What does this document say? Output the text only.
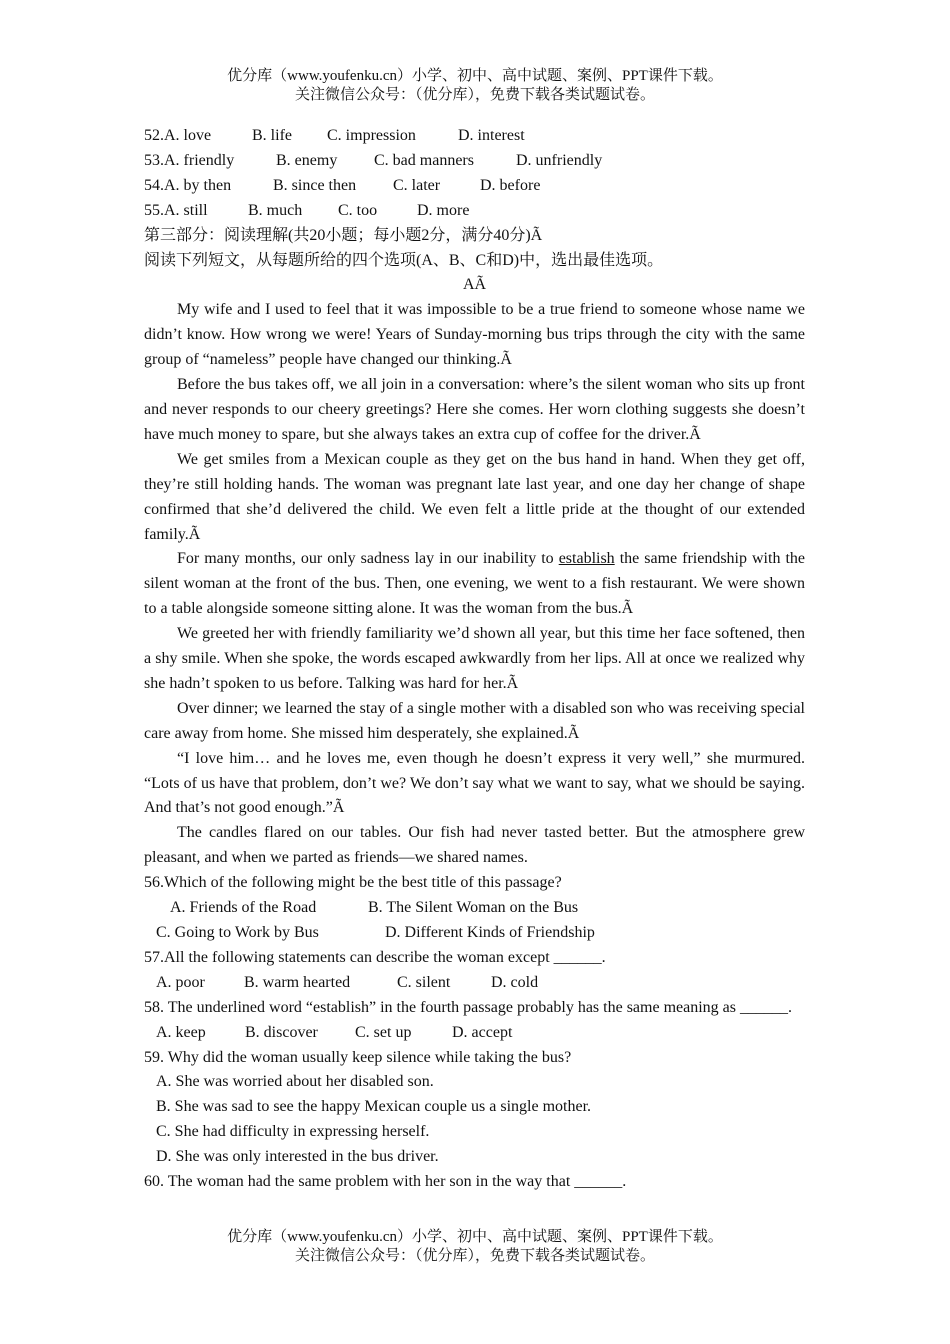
优分库（www.youfenku.cn）小学、初中、高中试题、案例、PPT课件下载。
关注微信公众号：（优分库），免费下载各类试题试卷。
52.A. love	B. life C. impression	D. interest
53.A. friendly	B. enemy C. bad manners	D. unfriendly
54.A. by then	B. since then C. later D. before
55.A. still	B. much C. too D. more
第三部分：阅读理解(共20小题；每小题2分，满分40分)Ã
阅读下列短文，从每题所给的四个选项(A、B、C和D)中，选出最佳选项。
AÃ
My wife and I used to feel that it was impossible to be a true friend to someone whose name we didn’t know. How wrong we were! Years of Sunday-morning bus trips through the city with the same group of “nameless” people have changed our thinking.Ã
Before the bus takes off, we all join in a conversation: where’s the silent woman who sits up front and never responds to our cheery greetings? Here she comes. Her worn clothing suggests she doesn’t have much money to spare, but she always takes an extra cup of coffee for the driver.Ã
We get smiles from a Mexican couple as they get on the bus hand in hand. When they get off, they’re still holding hands. The woman was pregnant late last year, and one day her change of shape confirmed that she’d delivered the child. We even felt a little pride at the thought of our extended family.Ã
For many months, our only sadness lay in our inability to establish the same friendship with the silent woman at the front of the bus. Then, one evening, we went to a fish restaurant. We were shown to a table alongside someone sitting alone. It was the woman from the bus.Ã
We greeted her with friendly familiarity we’d shown all year, but this time her face softened, then a shy smile. When she spoke, the words escaped awkwardly from her lips. All at once we realized why she hadn’t spoken to us before. Talking was hard for her.Ã
Over dinner; we learned the stay of a single mother with a disabled son who was receiving special care away from home. She missed him desperately, she explained.Ã
“I love him… and he loves me, even though he doesn’t express it very well,” she murmured. “Lots of us have that problem, don’t we? We don’t say what we want to say, what we should be saying. And that’s not good enough.”Ã
The candles flared on our tables. Our fish had never tasted better. But the atmosphere grew pleasant, and when we parted as friends—we shared names.
56.Which of the following might be the best title of this passage?
A. Friends of the Road	B. The Silent Woman on the Bus
C. Going to Work by Bus	D. Different Kinds of Friendship
57.All the following statements can describe the woman except ______.
A. poor B. warm hearted	C. silent	D. cold
58. The underlined word “establish” in the fourth passage probably has the same meaning as ______.
A. keep B. discover C. set up	D. accept
59. Why did the woman usually keep silence while taking the bus?
A. She was worried about her disabled son.
B. She was sad to see the happy Mexican couple us a single mother.
C. She had difficulty in expressing herself.
D. She was only interested in the bus driver.
60. The woman had the same problem with her son in the way that ______.
优分库（www.youfenku.cn）小学、初中、高中试题、案例、PPT课件下载。
关注微信公众号：（优分库），免费下载各类试题试卷。
